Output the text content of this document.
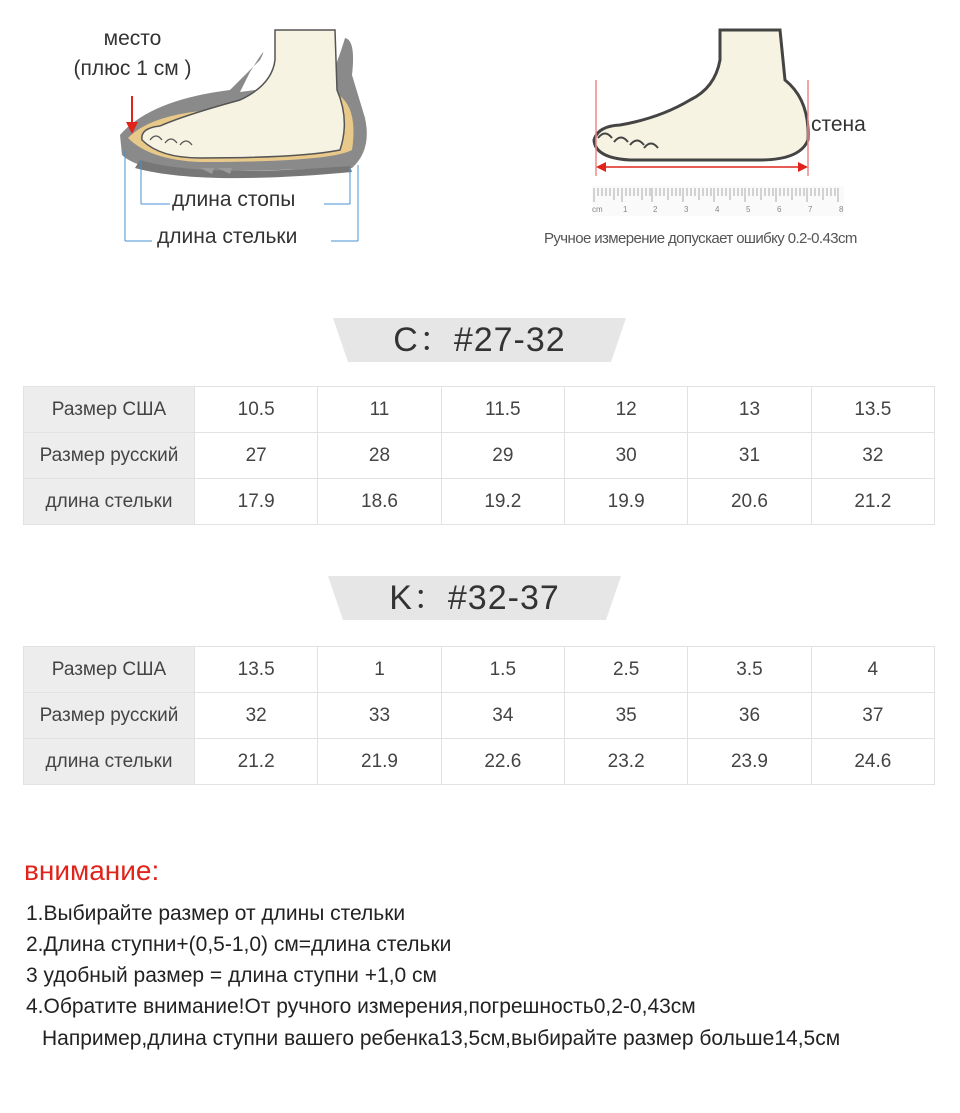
место
(плюс 1 см )
длина стопы
длина стельки
cm	1	2	3	4	5	6	7	8
стена
Ручное измерение допускает ошибку 0.2-0.43cm
C：#27-32
Размер США	10.5	11	11.5	12	13	13.5
Размер русский	27	28	29	30	31	32
длина стельки	17.9	18.6	19.2	19.9	20.6	21.2
K：#32-37
Размер США	13.5	1	1.5	2.5	3.5	4
Размер русский	32	33	34	35	36	37
длина стельки	21.2	21.9	22.6	23.2	23.9	24.6
внимание:
1.Выбирайте размер от длины стельки
2.Длина ступни+(0,5-1,0) см=длина стельки
3 удобный размер = длина ступни +1,0 см
4.Обратите внимание!От ручного измерения,погрешность0,2-0,43см
Например,длина ступни вашего ребенка13,5см,выбирайте размер больше14,5см
